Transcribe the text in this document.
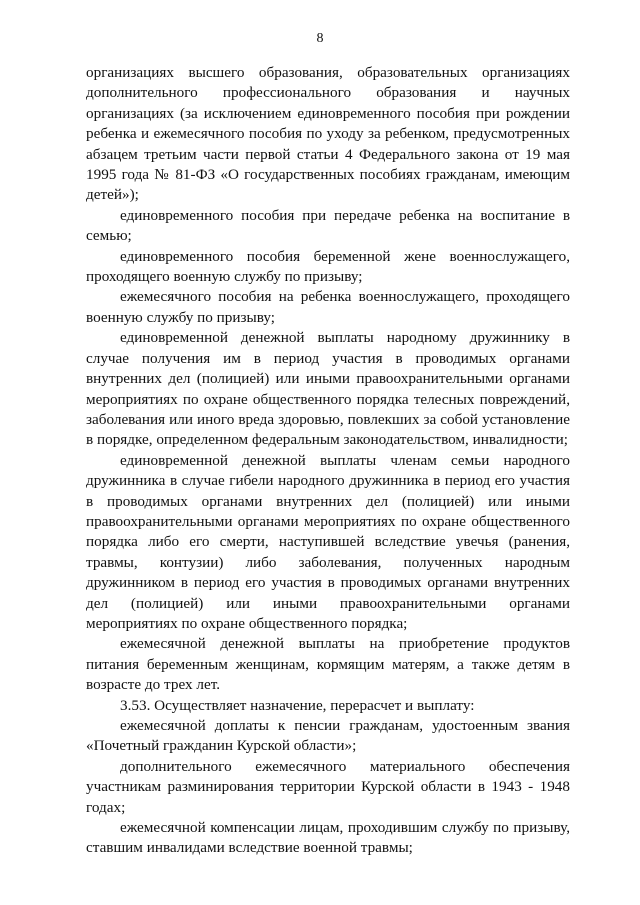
8

организациях высшего образования, образовательных организациях дополнительного профессионального образования и научных организациях (за исключением единовременного пособия при рождении ребенка и ежемесячного пособия по уходу за ребенком, предусмотренных абзацем третьим части первой статьи 4 Федерального закона от 19 мая 1995 года № 81-ФЗ «О государственных пособиях гражданам, имеющим детей»);

единовременного пособия при передаче ребенка на воспитание в семью;

единовременного пособия беременной жене военнослужащего, проходящего военную службу по призыву;

ежемесячного пособия на ребенка военнослужащего, проходящего военную службу по призыву;

единовременной денежной выплаты народному дружиннику в случае получения им в период участия в проводимых органами внутренних дел (полицией) или иными правоохранительными органами мероприятиях по охране общественного порядка телесных повреждений, заболевания или иного вреда здоровью, повлекших за собой установление в порядке, определенном федеральным законодательством, инвалидности;

единовременной денежной выплаты членам семьи народного дружинника в случае гибели народного дружинника в период его участия в проводимых органами внутренних дел (полицией) или иными правоохранительными органами мероприятиях по охране общественного порядка либо его смерти, наступившей вследствие увечья (ранения, травмы, контузии) либо заболевания, полученных народным дружинником в период его участия в проводимых органами внутренних дел (полицией) или иными правоохранительными органами мероприятиях по охране общественного порядка;

ежемесячной денежной выплаты на приобретение продуктов питания беременным женщинам, кормящим матерям, а также детям в возрасте до трех лет.

3.53. Осуществляет назначение, перерасчет и выплату:

ежемесячной доплаты к пенсии гражданам, удостоенным звания «Почетный гражданин Курской области»;

дополнительного ежемесячного материального обеспечения участникам разминирования территории Курской области в 1943 - 1948 годах;

ежемесячной компенсации лицам, проходившим службу по призыву, ставшим инвалидами вследствие военной травмы;
